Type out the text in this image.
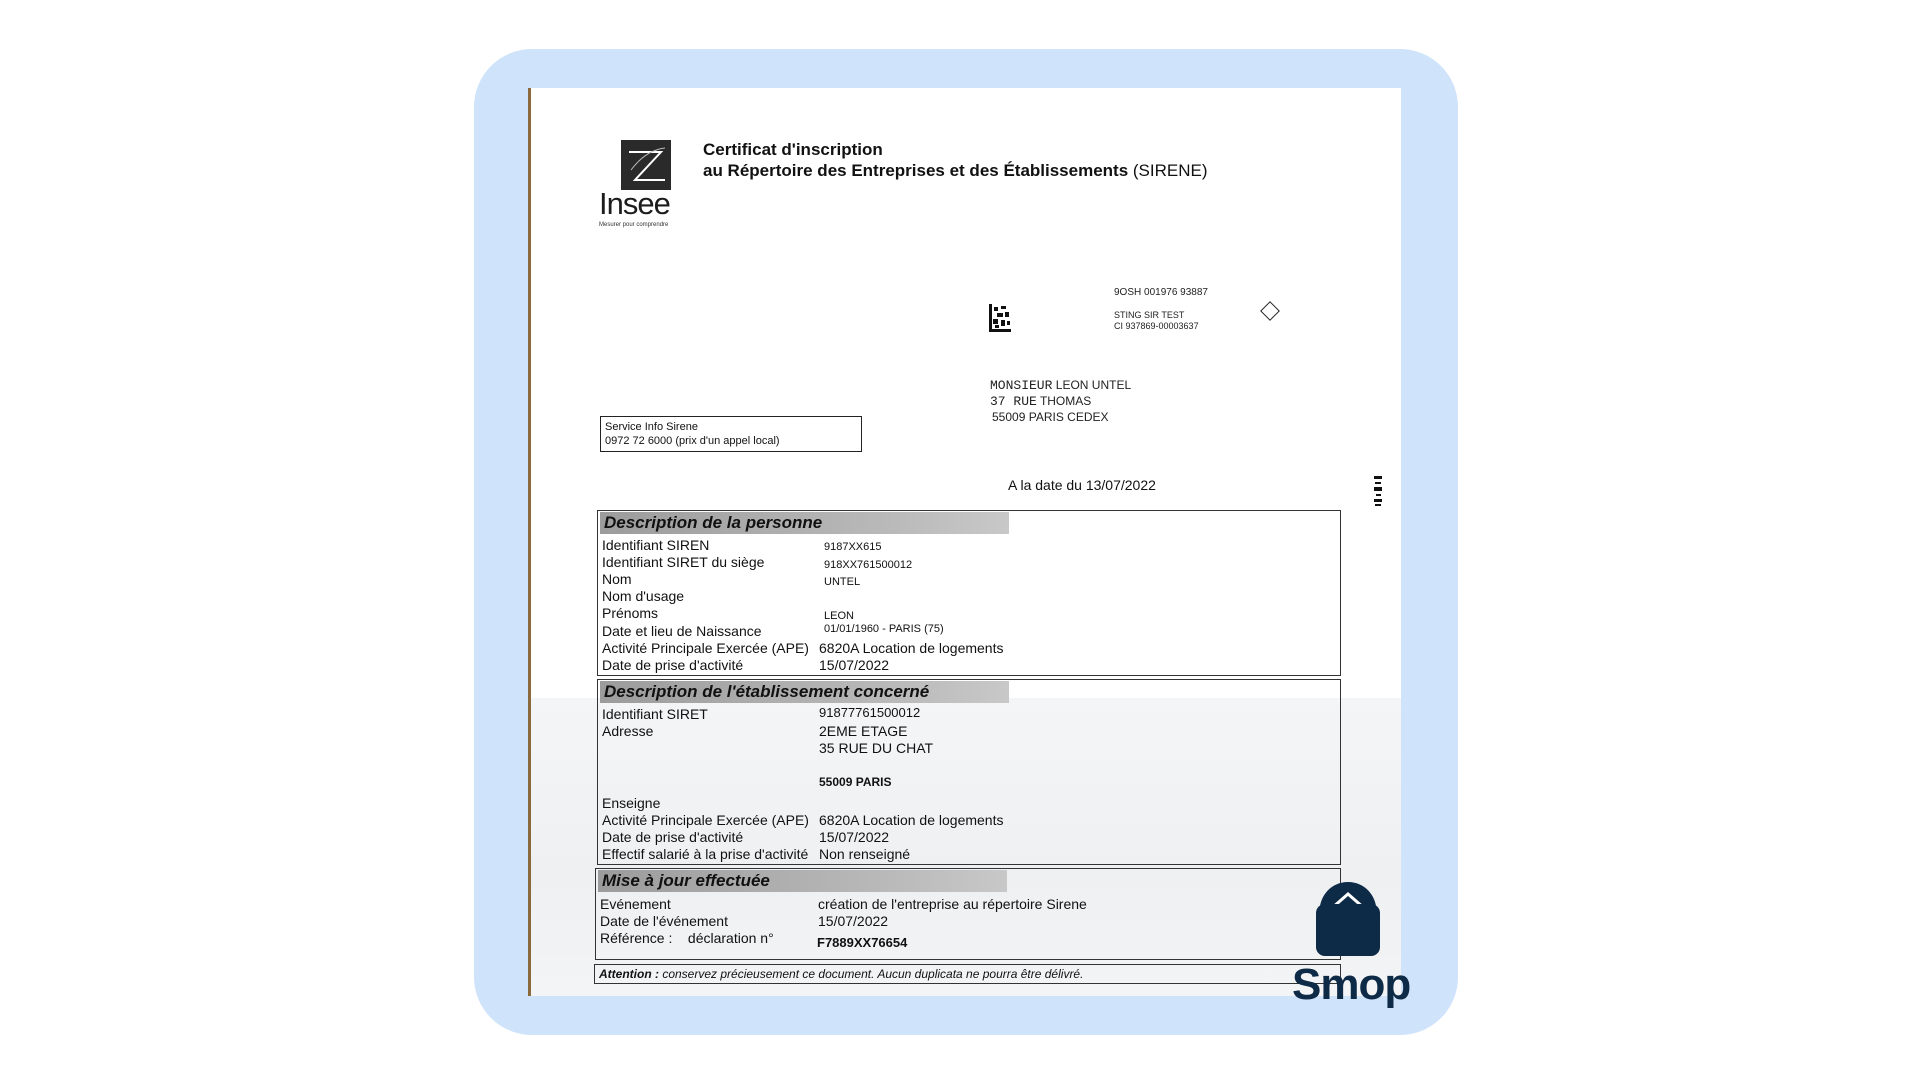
Insee
Mesurer pour comprendre
Certificat d'inscription
au Répertoire des Entreprises et des Établissements (SIRENE)
9OSH 001976 93887
STING SIR TEST
CI 937869-00003637
MONSIEUR LEON UNTEL
37 RUE THOMAS
55009 PARIS CEDEX
Service Info Sirene
0972 72 6000 (prix d'un appel local)
A la date du 13/07/2022
Description de la personne
Identifiant SIREN	9187XX615
Identifiant SIRET du siège	918XX761500012
Nom	UNTEL
Nom d'usage
Prénoms	LEON
Date et lieu de Naissance	01/01/1960 - PARIS (75)
Activité Principale Exercée (APE) 6820A Location de logements
Date de prise d'activité	15/07/2022
Description de l'établissement concerné
Identifiant SIRET	91877761500012
Adresse	2EME ETAGE
35 RUE DU CHAT
55009 PARIS
Enseigne
Activité Principale Exercée (APE) 6820A Location de logements
Date de prise d'activité	15/07/2022
Effectif salarié à la prise d'activité Non renseigné
Mise à jour effectuée
Evénement	création de l'entreprise au répertoire Sirene
Date de l'événement	15/07/2022
Référence :    déclaration n°	F7889XX76654
Attention : conservez précieusement ce document. Aucun duplicata ne pourra être délivré.	Smop
